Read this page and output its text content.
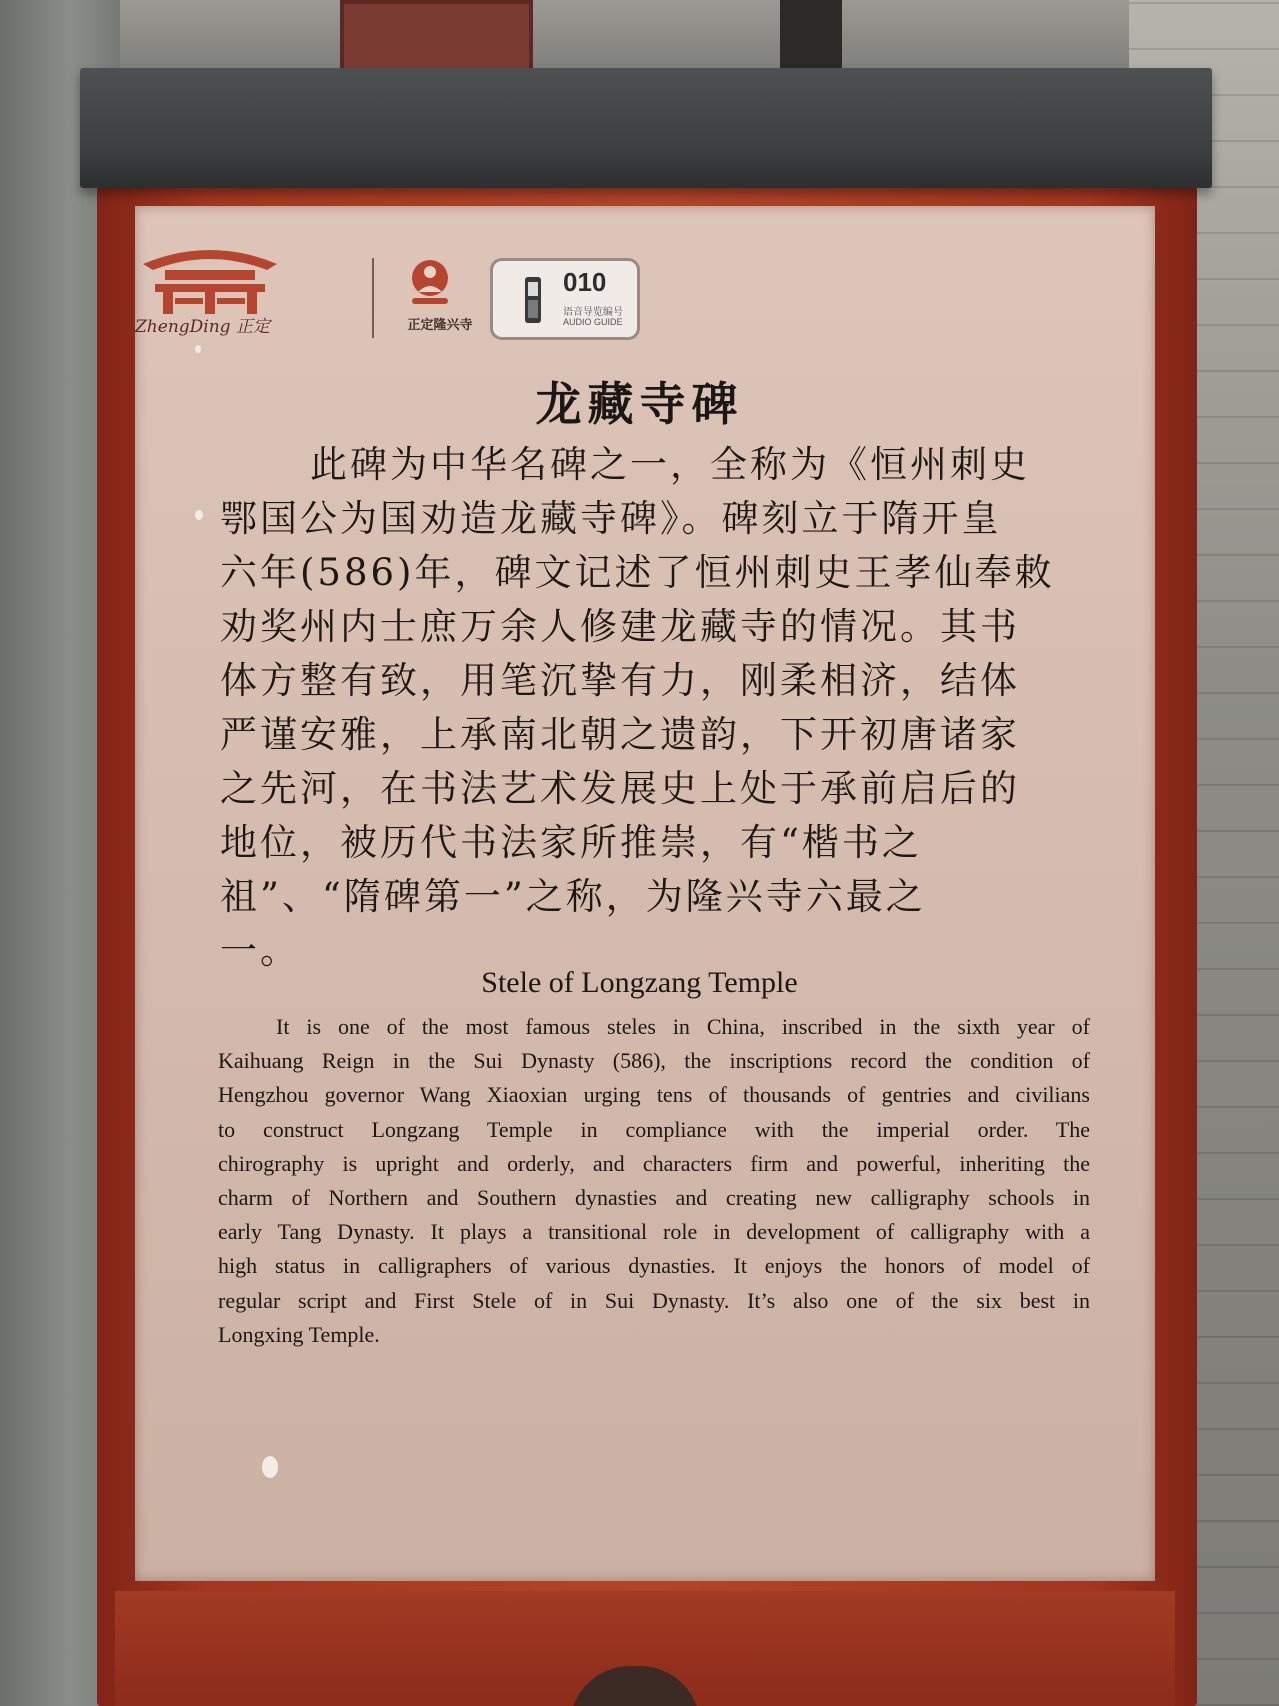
ZhengDing 正定	正定隆兴寺
010
语音导览编号
AUDIO GUIDE
龙藏寺碑
此碑为中华名碑之一，全称为《恒州刺史
鄂国公为国劝造龙藏寺碑》。碑刻立于隋开皇
六年(586)年，碑文记述了恒州刺史王孝仙奉敕
劝奖州内士庶万余人修建龙藏寺的情况。其书
体方整有致，用笔沉挚有力，刚柔相济，结体
严谨安雅，上承南北朝之遗韵，下开初唐诸家
之先河，在书法艺术发展史上处于承前启后的
地位，被历代书法家所推崇，有“楷书之
祖”、“隋碑第一”之称，为隆兴寺六最之
一。
Stele of Longzang Temple
It is one of the most famous steles in China, inscribed in the sixth year of
Kaihuang Reign in the Sui Dynasty (586), the inscriptions record the condition of
Hengzhou governor Wang Xiaoxian urging tens of thousands of gentries and civilians
to construct Longzang Temple in compliance with the imperial order. The
chirography is upright and orderly, and characters firm and powerful, inheriting the
charm of Northern and Southern dynasties and creating new calligraphy schools in
early Tang Dynasty. It plays a transitional role in development of calligraphy with a
high status in calligraphers of various dynasties. It enjoys the honors of model of
regular script and First Stele of in Sui Dynasty. It’s also one of the six best in
Longxing Temple.
